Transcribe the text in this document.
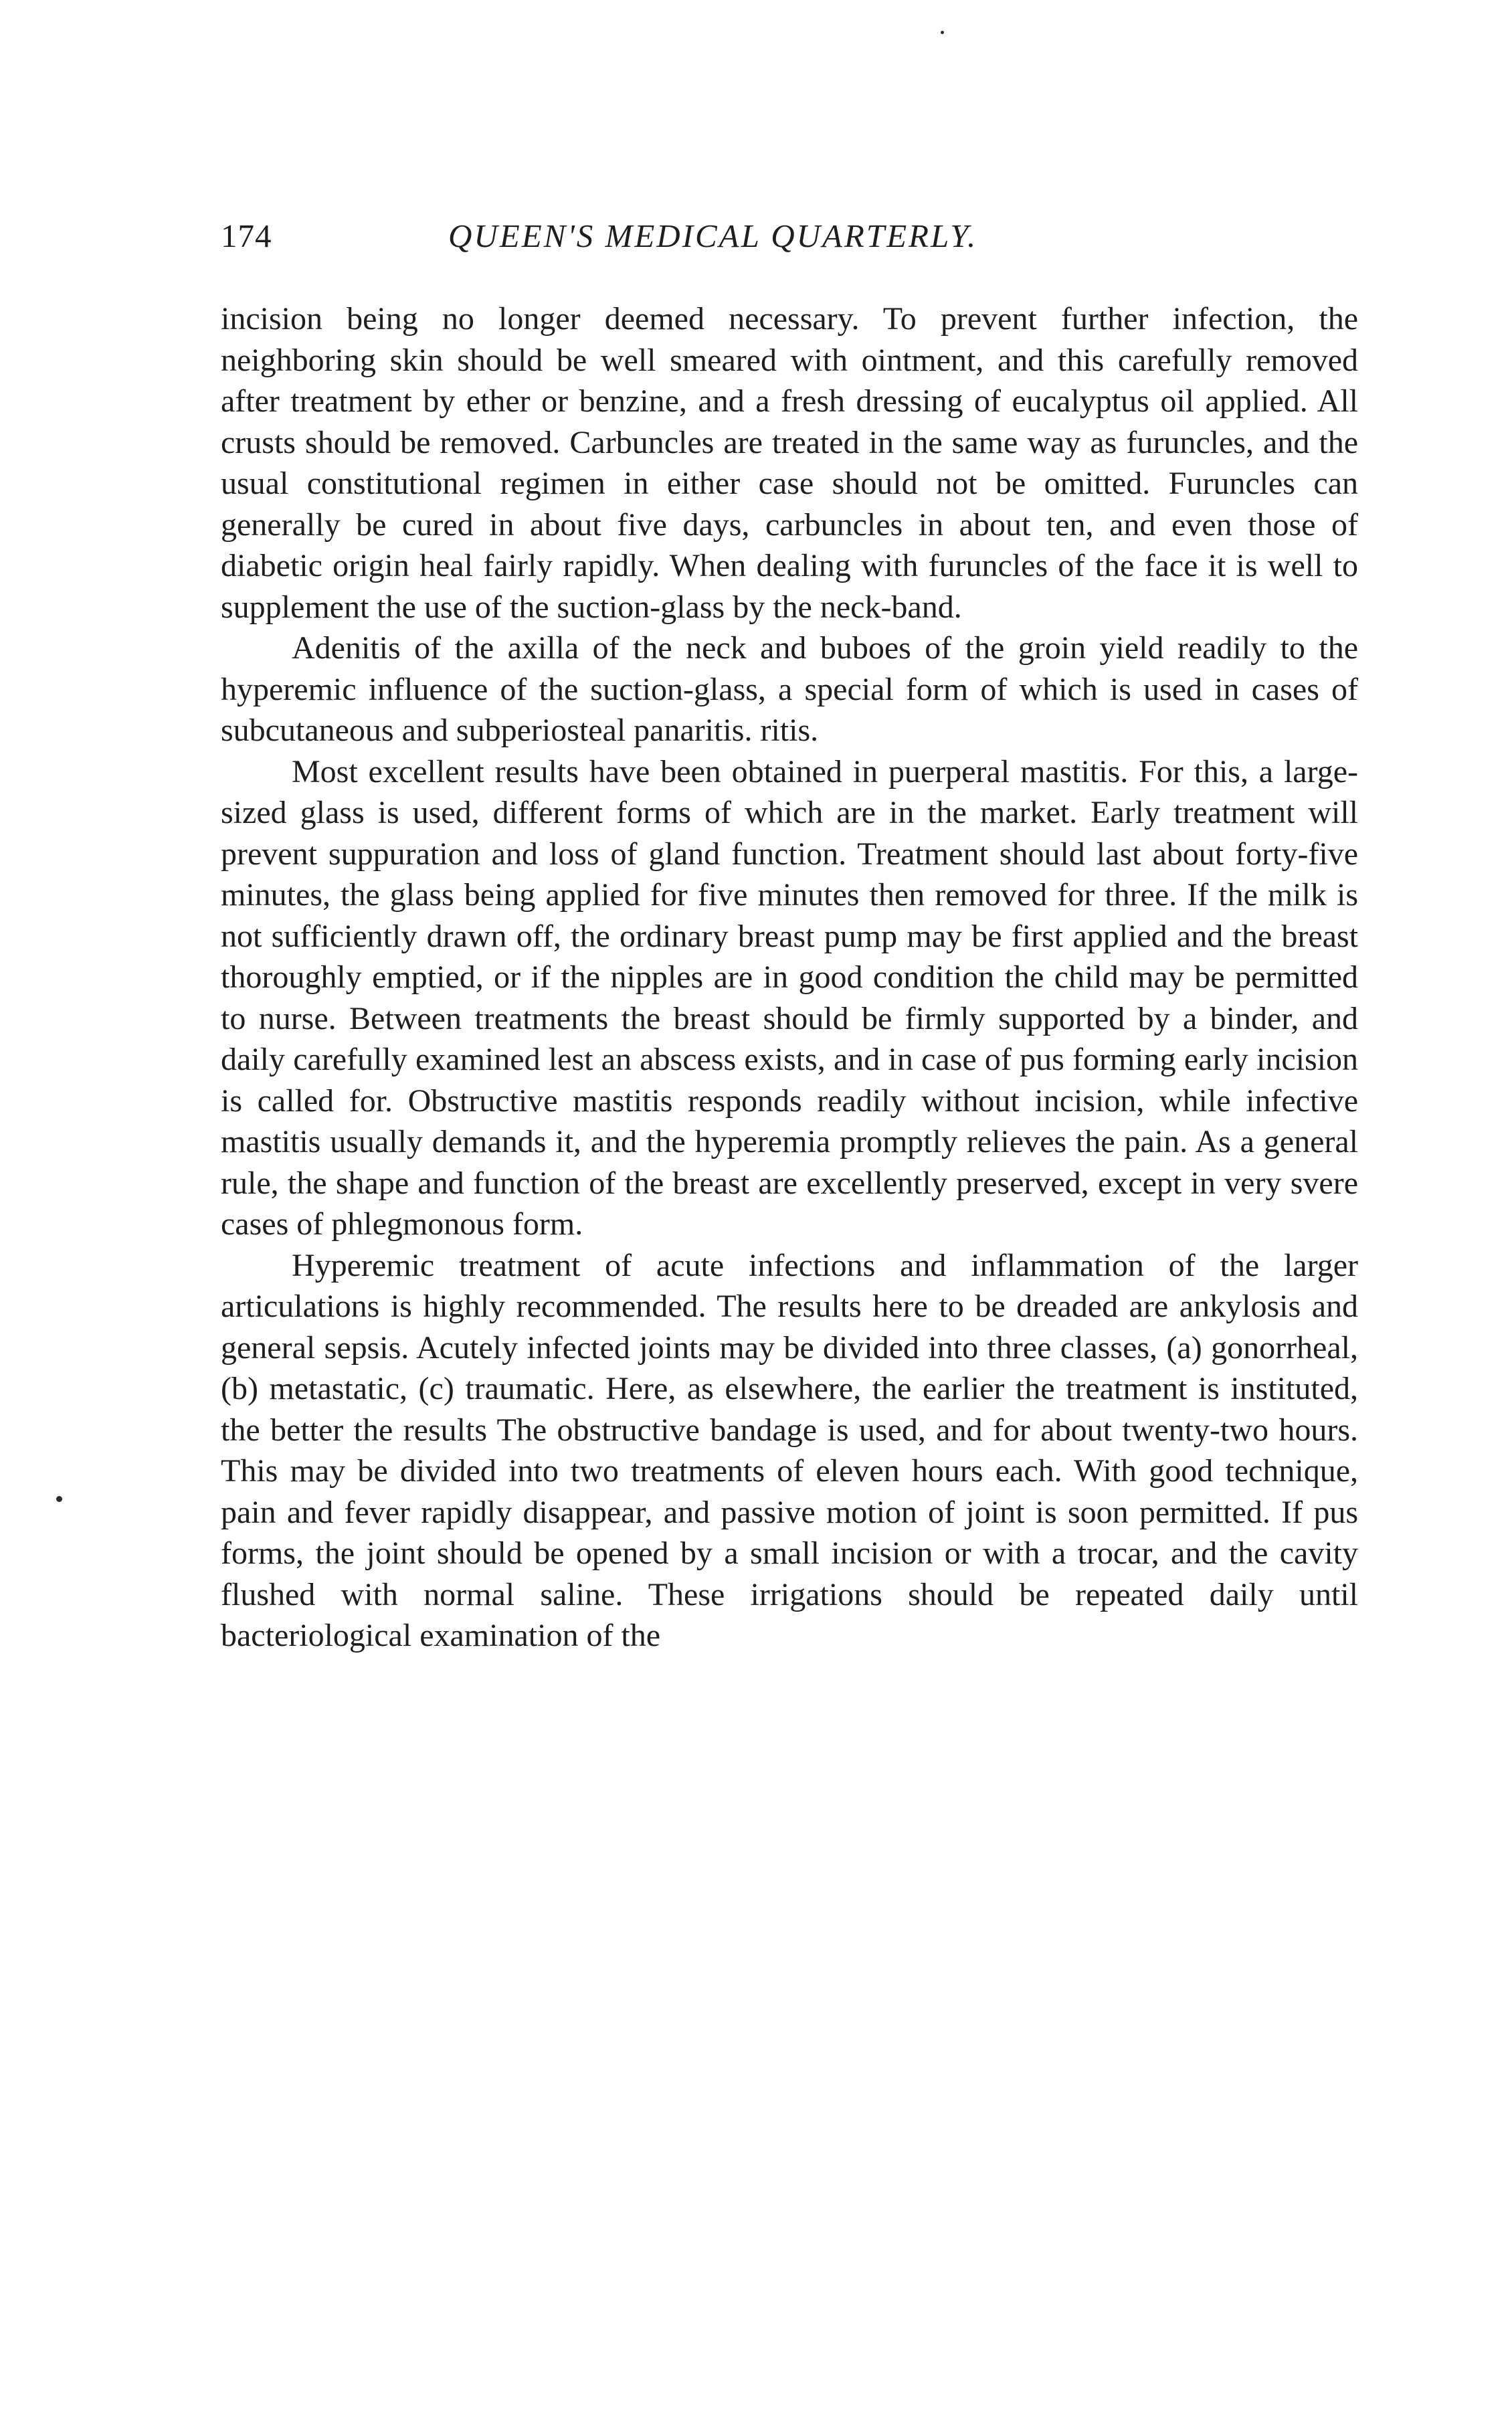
174	QUEEN'S MEDICAL QUARTERLY.

incision being no longer deemed necessary. To prevent further infection, the neighboring skin should be well smeared with ointment, and this carefully removed after treatment by ether or benzine, and a fresh dressing of eucalyptus oil applied. All crusts should be removed. Carbuncles are treated in the same way as furuncles, and the usual constitutional regimen in either case should not be omitted. Furuncles can generally be cured in about five days, carbuncles in about ten, and even those of diabetic origin heal fairly rapidly. When dealing with furuncles of the face it is well to supplement the use of the suction-glass by the neck-band.

Adenitis of the axilla of the neck and buboes of the groin yield readily to the hyperemic influence of the suction-glass, a special form of which is used in cases of subcutaneous and subperiosteal panaritis. ritis.

Most excellent results have been obtained in puerperal mastitis. For this, a large-sized glass is used, different forms of which are in the market. Early treatment will prevent suppuration and loss of gland function. Treatment should last about forty-five minutes, the glass being applied for five minutes then removed for three. If the milk is not sufficiently drawn off, the ordinary breast pump may be first applied and the breast thoroughly emptied, or if the nipples are in good condition the child may be permitted to nurse. Between treatments the breast should be firmly supported by a binder, and daily carefully examined lest an abscess exists, and in case of pus forming early incision is called for. Obstructive mastitis responds readily without incision, while infective mastitis usually demands it, and the hyperemia promptly relieves the pain. As a general rule, the shape and function of the breast are excellently preserved, except in very svere cases of phlegmonous form.

Hyperemic treatment of acute infections and inflammation of the larger articulations is highly recommended. The results here to be dreaded are ankylosis and general sepsis. Acutely infected joints may be divided into three classes, (a) gonorrheal, (b) metastatic, (c) traumatic. Here, as elsewhere, the earlier the treatment is instituted, the better the results The obstructive bandage is used, and for about twenty-two hours. This may be divided into two treatments of eleven hours each. With good technique, pain and fever rapidly disappear, and passive motion of joint is soon permitted. If pus forms, the joint should be opened by a small incision or with a trocar, and the cavity flushed with normal saline. These irrigations should be repeated daily until bacteriological examination of the
